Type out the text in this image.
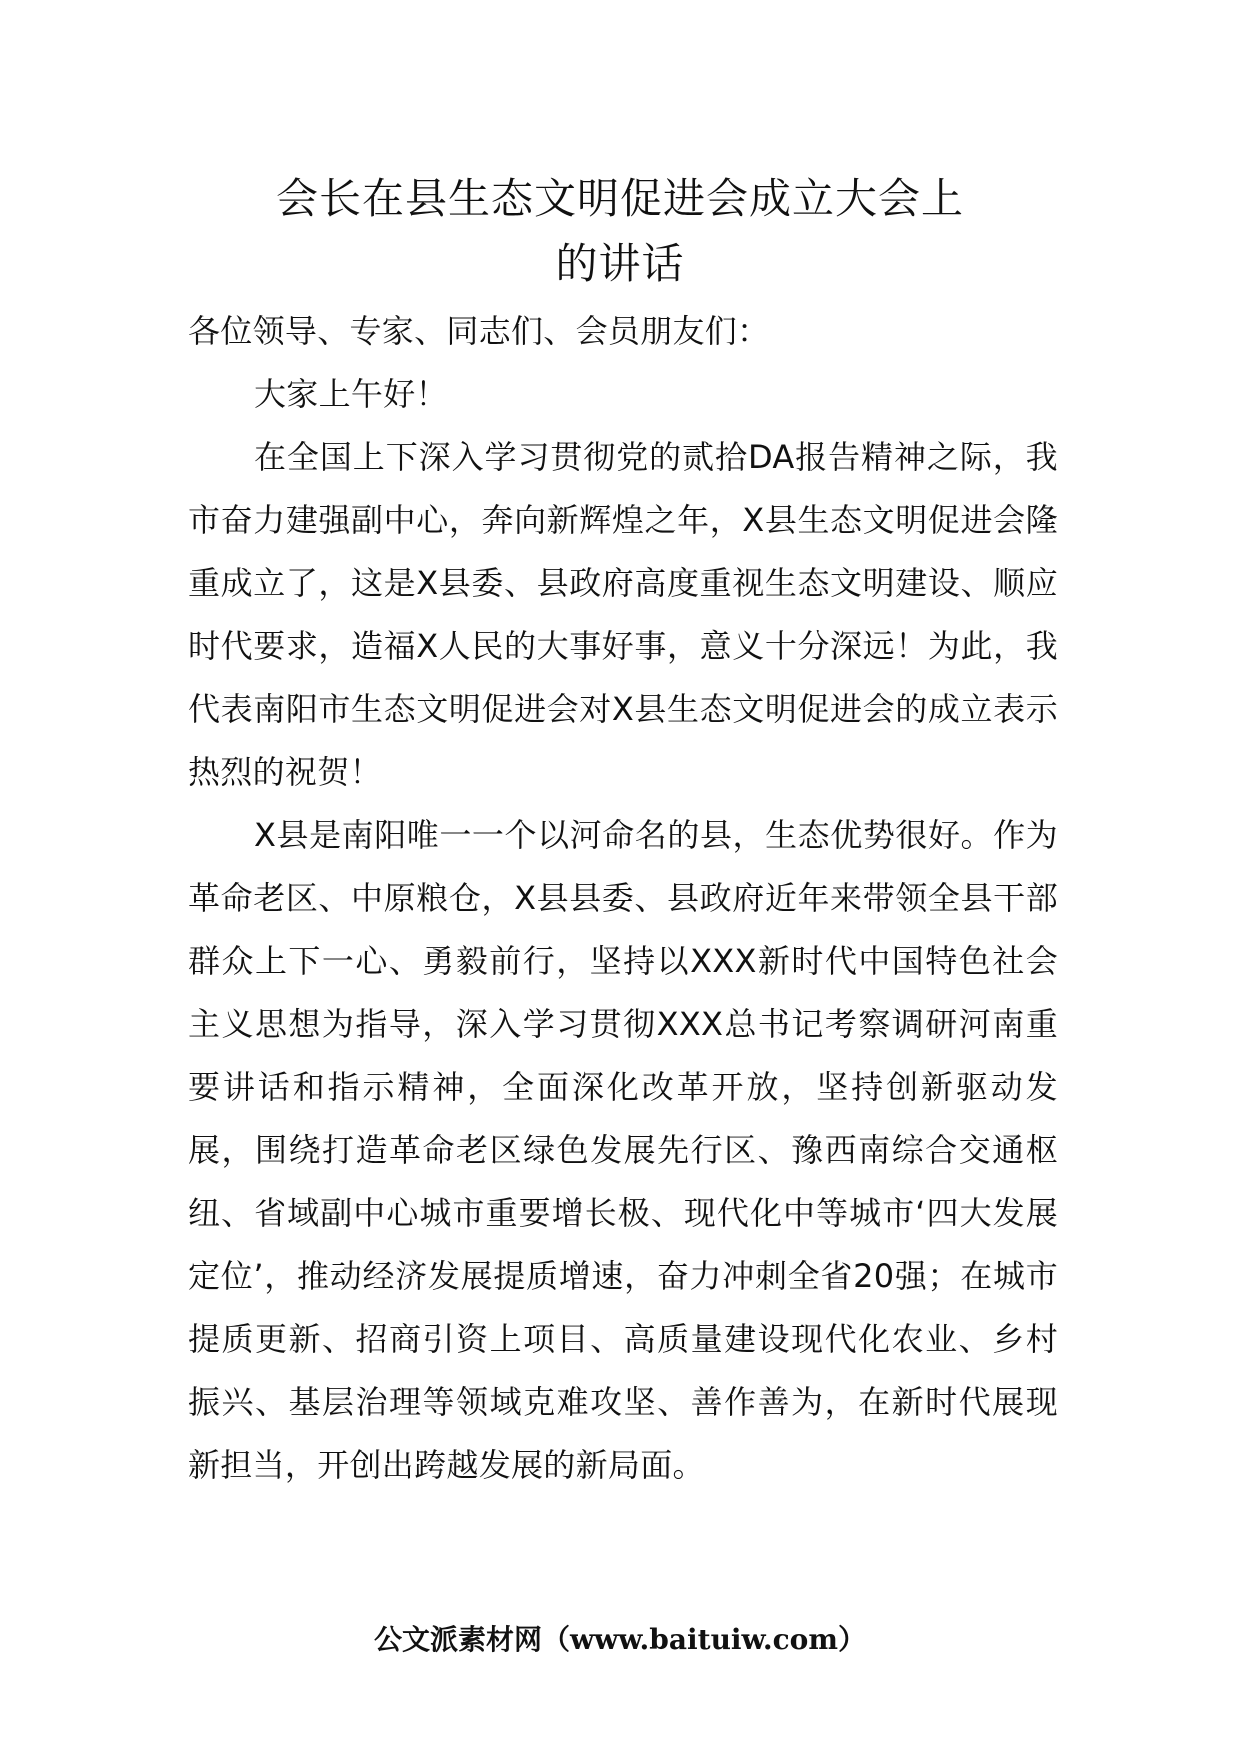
会长在县生态文明促进会成立大会上
的讲话

各位领导、专家、同志们、会员朋友们：

大家上午好！

在全国上下深入学习贯彻党的贰拾DA报告精神之际，我市奋力建强副中心，奔向新辉煌之年，X县生态文明促进会隆重成立了，这是X县委、县政府高度重视生态文明建设、顺应时代要求，造福X人民的大事好事，意义十分深远！为此，我代表南阳市生态文明促进会对X县生态文明促进会的成立表示热烈的祝贺！

X县是南阳唯一一个以河命名的县，生态优势很好。作为革命老区、中原粮仓，X县县委、县政府近年来带领全县干部群众上下一心、勇毅前行，坚持以XXX新时代中国特色社会主义思想为指导，深入学习贯彻XXX总书记考察调研河南重要讲话和指示精神，全面深化改革开放，坚持创新驱动发展，围绕打造革命老区绿色发展先行区、豫西南综合交通枢纽、省域副中心城市重要增长极、现代化中等城市‘四大发展定位’，推动经济发展提质增速，奋力冲刺全省20强；在城市提质更新、招商引资上项目、高质量建设现代化农业、乡村振兴、基层治理等领域克难攻坚、善作善为，在新时代展现新担当，开创出跨越发展的新局面。

公文派素材网（www.baituiw.com）
